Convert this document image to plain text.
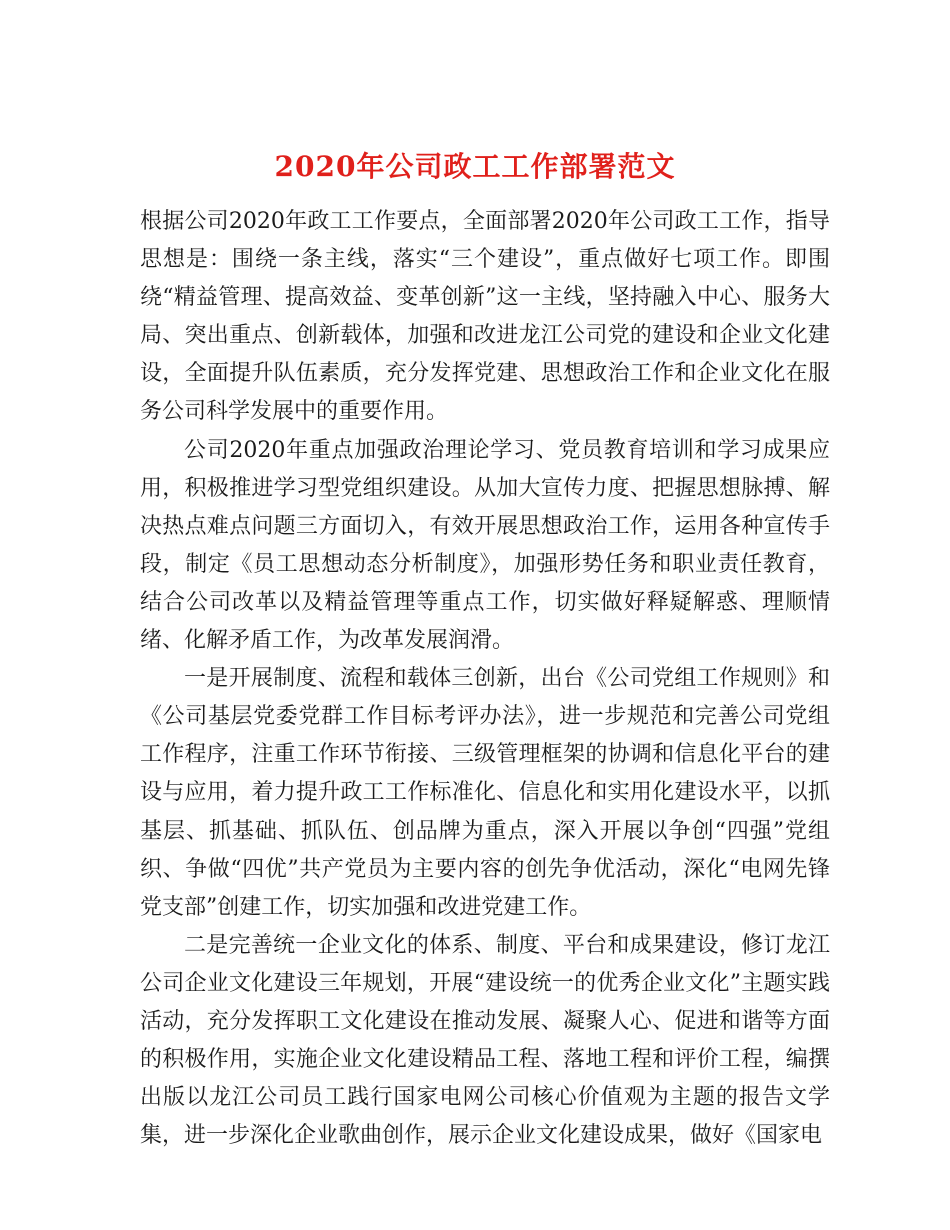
2020年公司政工工作部署范文

根据公司2020年政工工作要点，全面部署2020年公司政工工作，指导思想是：围绕一条主线，落实“三个建设”，重点做好七项工作。即围绕“精益管理、提高效益、变革创新”这一主线，坚持融入中心、服务大局、突出重点、创新载体，加强和改进龙江公司党的建设和企业文化建设，全面提升队伍素质，充分发挥党建、思想政治工作和企业文化在服务公司科学发展中的重要作用。

公司2020年重点加强政治理论学习、党员教育培训和学习成果应用，积极推进学习型党组织建设。从加大宣传力度、把握思想脉搏、解决热点难点问题三方面切入，有效开展思想政治工作，运用各种宣传手段，制定《员工思想动态分析制度》，加强形势任务和职业责任教育，结合公司改革以及精益管理等重点工作，切实做好释疑解惑、理顺情绪、化解矛盾工作，为改革发展润滑。

一是开展制度、流程和载体三创新，出台《公司党组工作规则》和《公司基层党委党群工作目标考评办法》，进一步规范和完善公司党组工作程序，注重工作环节衔接、三级管理框架的协调和信息化平台的建设与应用，着力提升政工工作标准化、信息化和实用化建设水平，以抓基层、抓基础、抓队伍、创品牌为重点，深入开展以争创“四强”党组织、争做“四优”共产党员为主要内容的创先争优活动，深化“电网先锋党支部”创建工作，切实加强和改进党建工作。

二是完善统一企业文化的体系、制度、平台和成果建设，修订龙江公司企业文化建设三年规划，开展“建设统一的优秀企业文化”主题实践活动，充分发挥职工文化建设在推动发展、凝聚人心、促进和谐等方面的积极作用，实施企业文化建设精品工程、落地工程和评价工程，编撰出版以龙江公司员工践行国家电网公司核心价值观为主题的报告文学集，进一步深化企业歌曲创作，展示企业文化建设成果，做好《国家电
